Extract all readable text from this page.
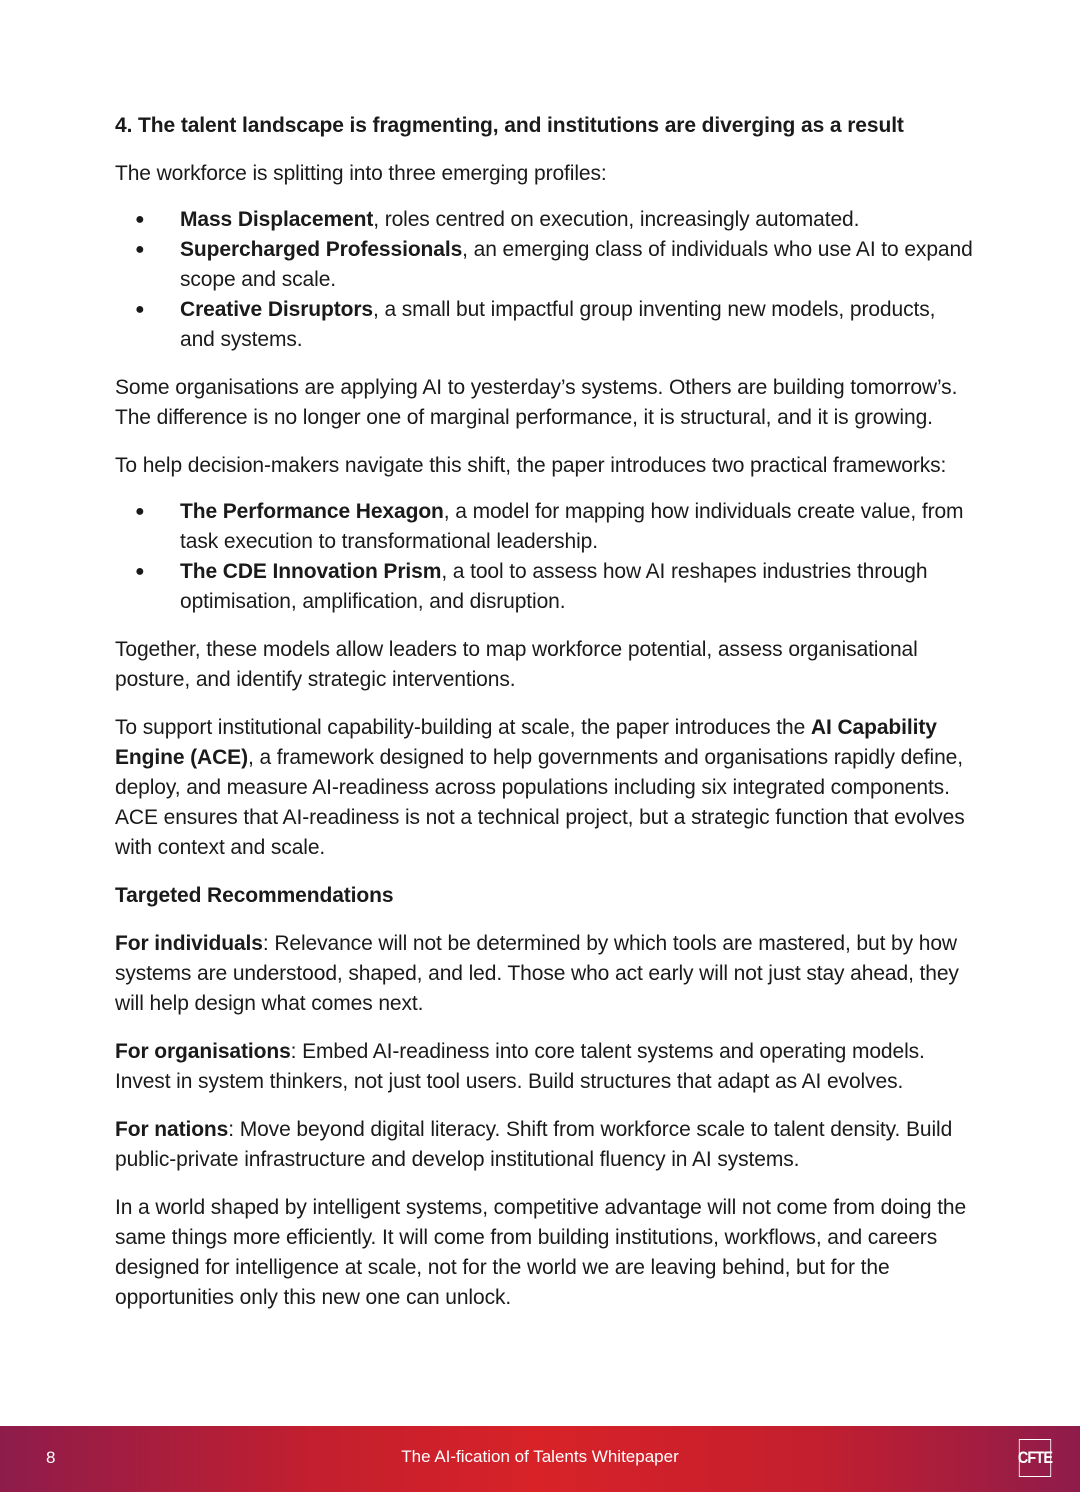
4. The talent landscape is fragmenting, and institutions are diverging as a result

The workforce is splitting into three emerging profiles:

● Mass Displacement, roles centred on execution, increasingly automated.
● Supercharged Professionals, an emerging class of individuals who use AI to expand scope and scale.
● Creative Disruptors, a small but impactful group inventing new models, products, and systems.

Some organisations are applying AI to yesterday’s systems. Others are building tomorrow’s. The difference is no longer one of marginal performance, it is structural, and it is growing.

To help decision-makers navigate this shift, the paper introduces two practical frameworks:

● The Performance Hexagon, a model for mapping how individuals create value, from task execution to transformational leadership.
● The CDE Innovation Prism, a tool to assess how AI reshapes industries through optimisation, amplification, and disruption.

Together, these models allow leaders to map workforce potential, assess organisational posture, and identify strategic interventions.

To support institutional capability-building at scale, the paper introduces the AI Capability Engine (ACE), a framework designed to help governments and organisations rapidly define, deploy, and measure AI-readiness across populations including six integrated components. ACE ensures that AI-readiness is not a technical project, but a strategic function that evolves with context and scale.

Targeted Recommendations

For individuals: Relevance will not be determined by which tools are mastered, but by how systems are understood, shaped, and led. Those who act early will not just stay ahead, they will help design what comes next.

For organisations: Embed AI-readiness into core talent systems and operating models. Invest in system thinkers, not just tool users. Build structures that adapt as AI evolves.

For nations: Move beyond digital literacy. Shift from workforce scale to talent density. Build public-private infrastructure and develop institutional fluency in AI systems.

In a world shaped by intelligent systems, competitive advantage will not come from doing the same things more efficiently. It will come from building institutions, workflows, and careers designed for intelligence at scale, not for the world we are leaving behind, but for the opportunities only this new one can unlock.

8	The AI-fication of Talents Whitepaper	CFTE
